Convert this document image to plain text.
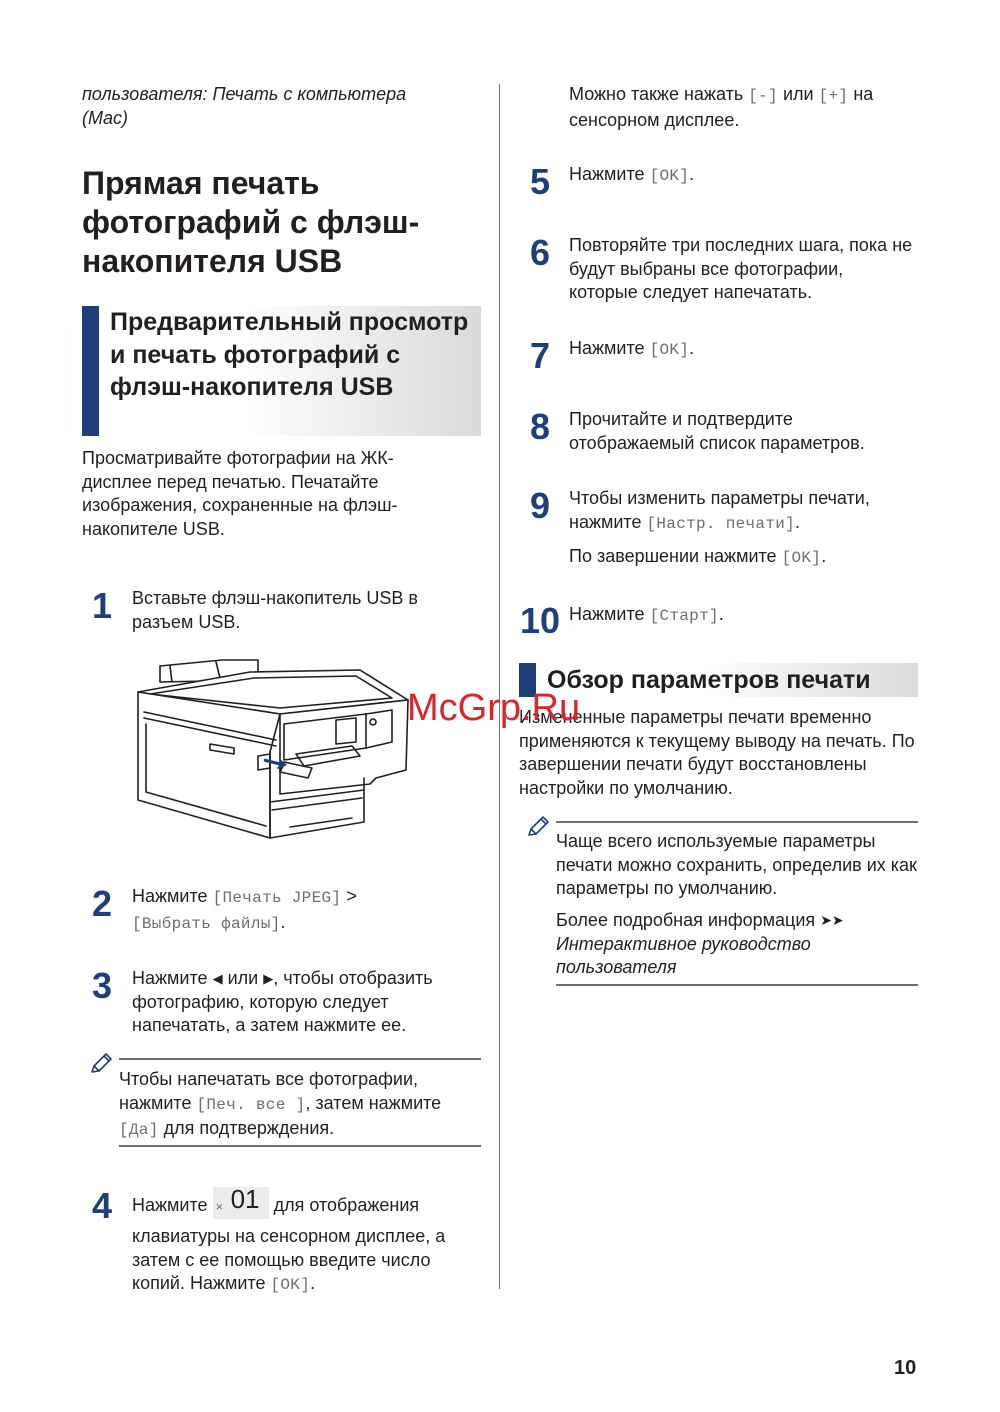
пользователя: Печать с компьютера
(Mac)
Прямая печать фотографий с флэш-накопителя USB
Предварительный просмотр и печать фотографий с флэш-накопителя USB
Просматривайте фотографии на ЖК-дисплее перед печатью. Печатайте изображения, сохраненные на флэш-накопителе USB.
1 Вставьте флэш-накопитель USB в разъем USB.
2 Нажмите [Печать JPEG] >
[Выбрать файлы].
3 Нажмите ◀ или ▶, чтобы отобразить фотографию, которую следует напечатать, а затем нажмите ее.
Чтобы напечатать все фотографии, нажмите [Печ. все ], затем нажмите [Да] для подтверждения.
4 Нажмите × 01 для отображения

клавиатуры на сенсорном дисплее, а затем с ее помощью введите число копий. Нажмите [OK].
Можно также нажать [-] или [+] на сенсорном дисплее.
5 Нажмите [OK].
6 Повторяйте три последних шага, пока не будут выбраны все фотографии, которые следует напечатать.
7 Нажмите [OK].
8 Прочитайте и подтвердите отображаемый список параметров.
9 Чтобы изменить параметры печати, нажмите [Настр. печати].
По завершении нажмите [OK].
10 Нажмите [Старт].
Обзор параметров печати
Измененные параметры печати временно применяются к текущему выводу на печать. По завершении печати будут восстановлены настройки по умолчанию.
Чаще всего используемые параметры печати можно сохранить, определив их как параметры по умолчанию.
Более подробная информация ➤➤
Интерактивное руководство пользователя
McGrp.Ru
10
